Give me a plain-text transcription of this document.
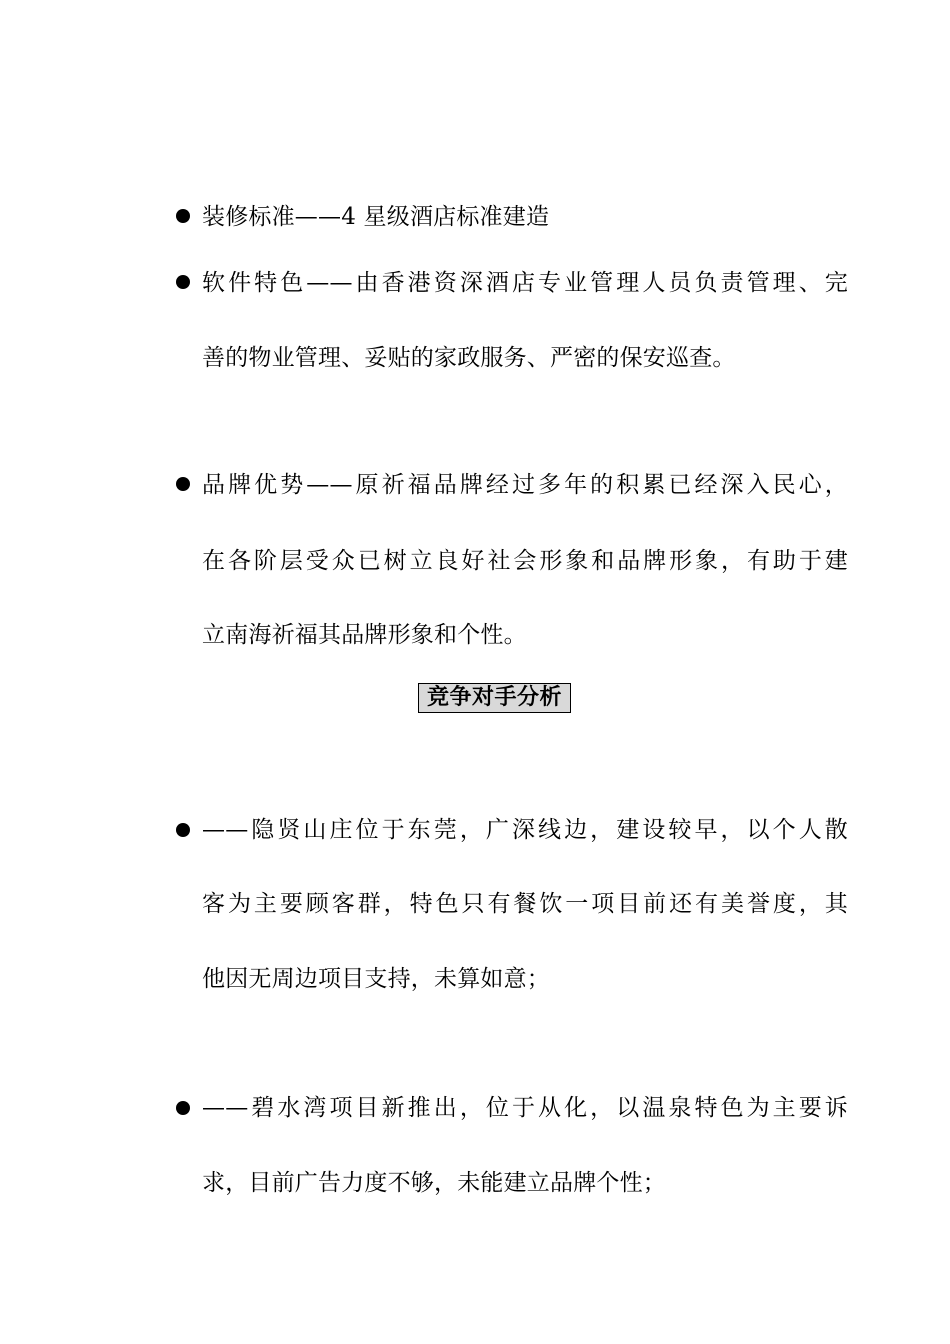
装修标准——4 星级酒店标准建造
软件特色——由香港资深酒店专业管理人员负责管理、完
善的物业管理、妥贴的家政服务、严密的保安巡查。
品牌优势——原祈福品牌经过多年的积累已经深入民心，
在各阶层受众已树立良好社会形象和品牌形象，有助于建
立南海祈福其品牌形象和个性。
竞争对手分析
——隐贤山庄位于东莞，广深线边，建设较早，以个人散
客为主要顾客群，特色只有餐饮一项目前还有美誉度，其
他因无周边项目支持，未算如意；
——碧水湾项目新推出，位于从化，以温泉特色为主要诉
求，目前广告力度不够，未能建立品牌个性；
